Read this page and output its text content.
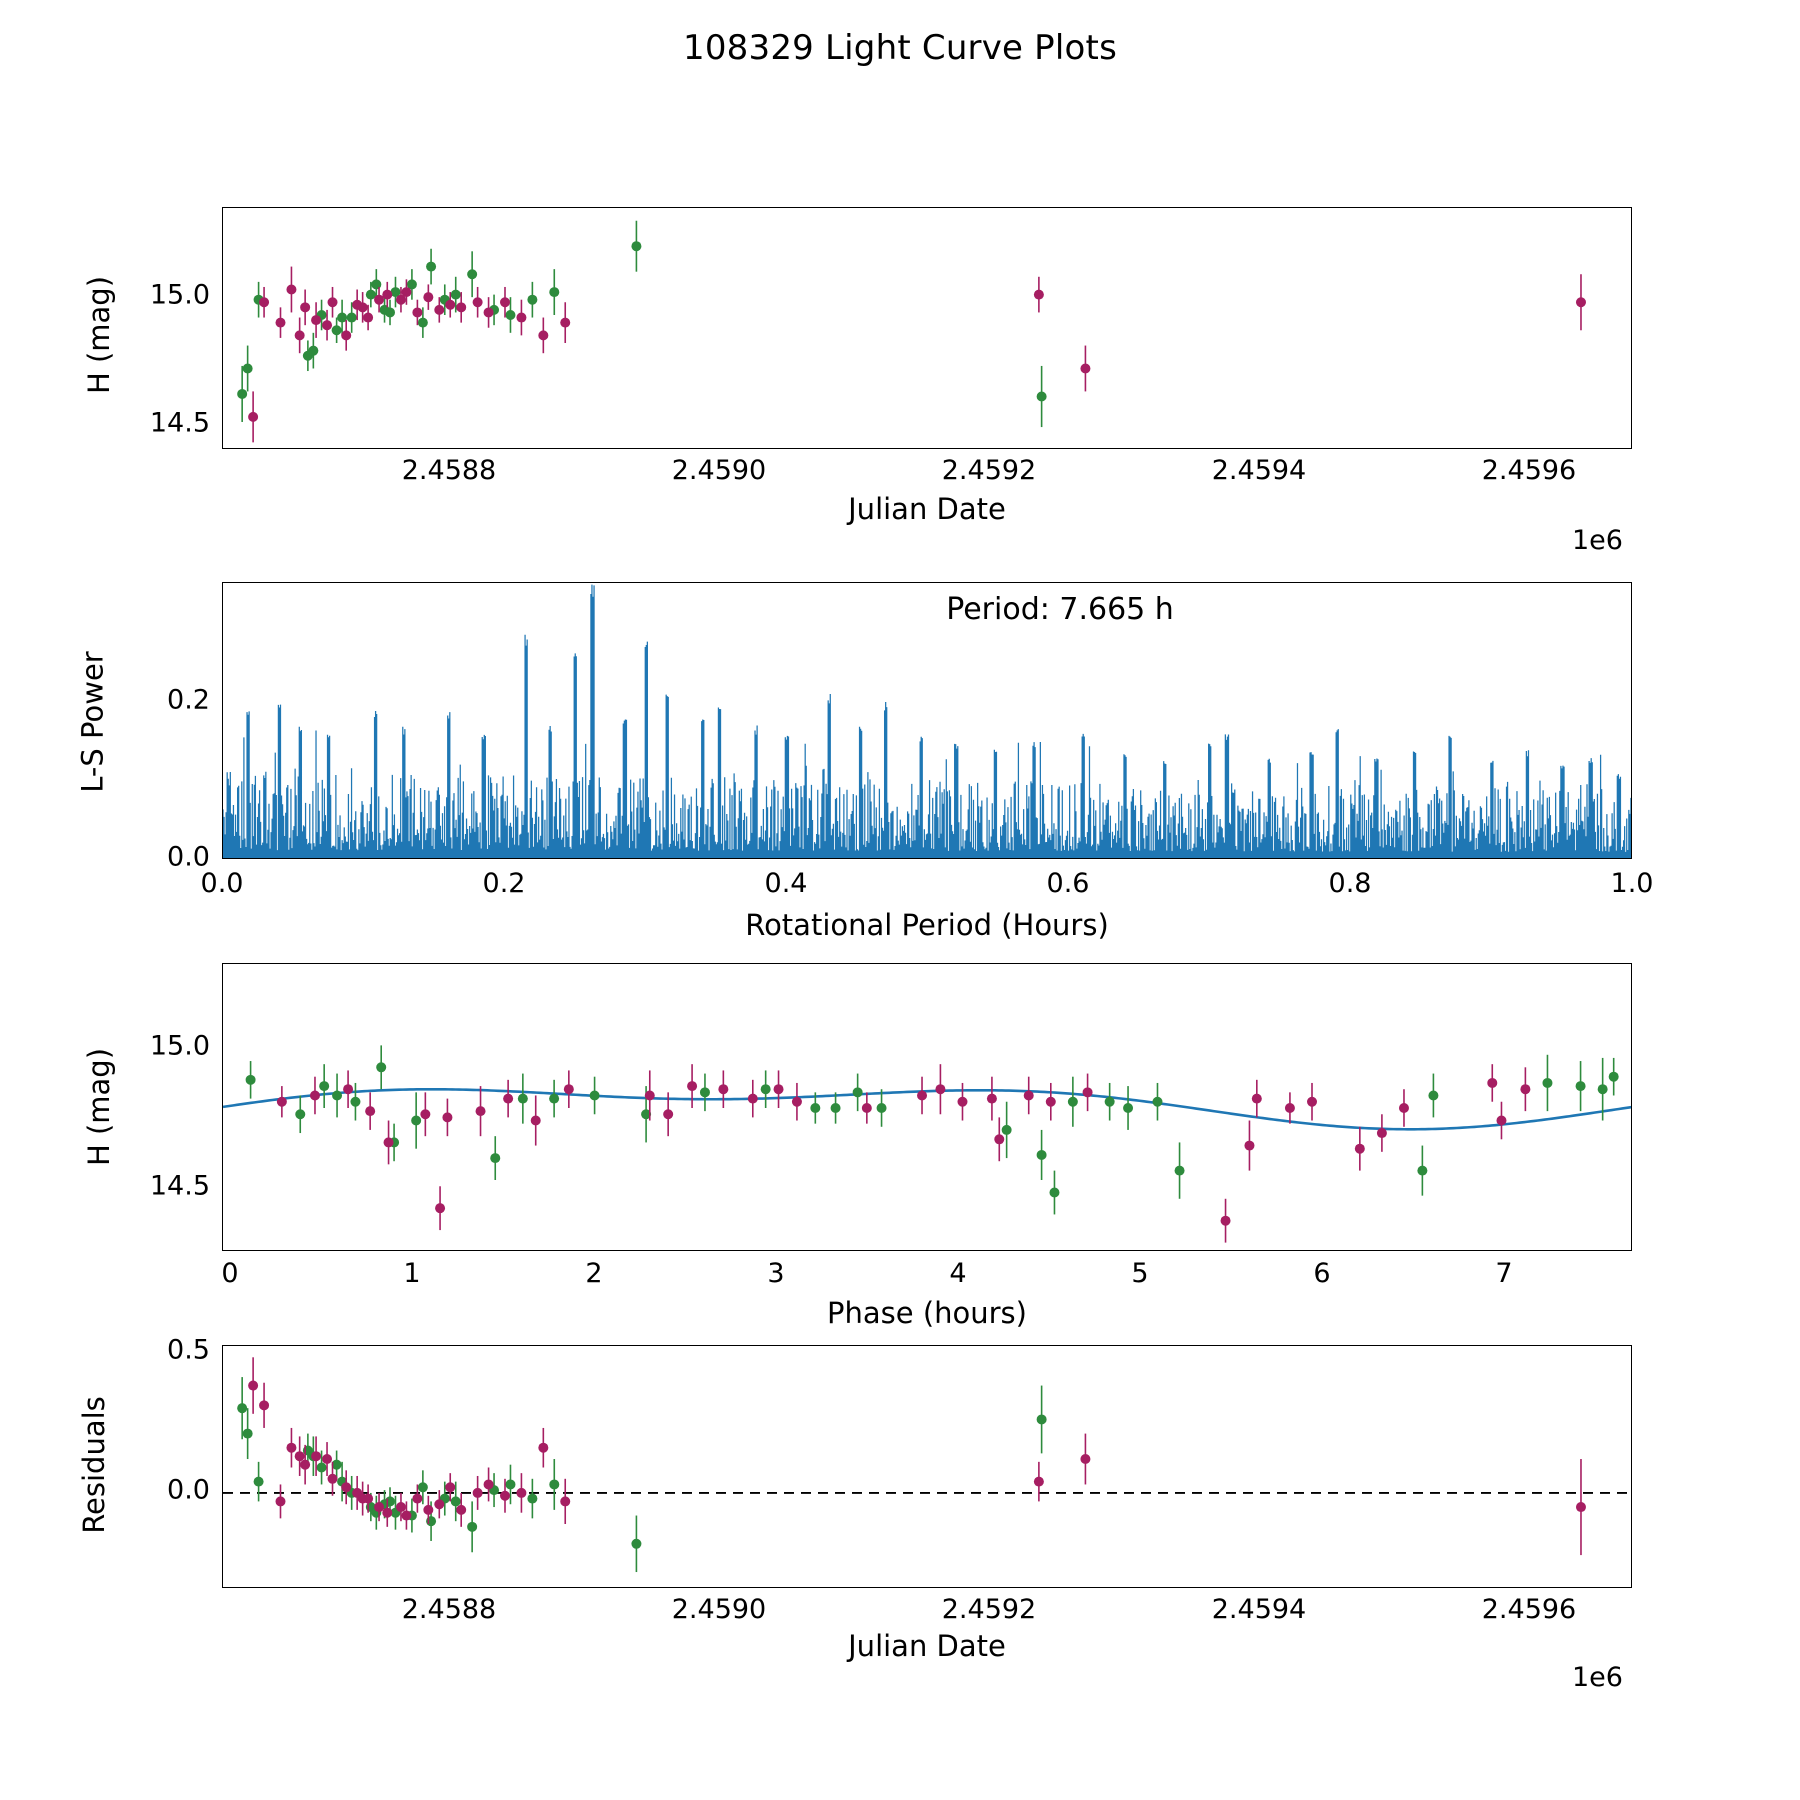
108329 Light Curve Plots
15.0
14.5
2.4588	2.4590	2.4592	2.4594	2.4596
Julian Date
H (mag)
1e6
Period: 7.665 h
0.2
0.0
0.0	0.2	0.4	0.6	0.8	1.0
Rotational Period (Hours)
L-S Power
15.0
14.5
0	1	2	3	4	5	6	7
Phase (hours)
H (mag)
0.5
0.0
2.4588	2.4590	2.4592	2.4594	2.4596
Julian Date
Residuals
1e6
